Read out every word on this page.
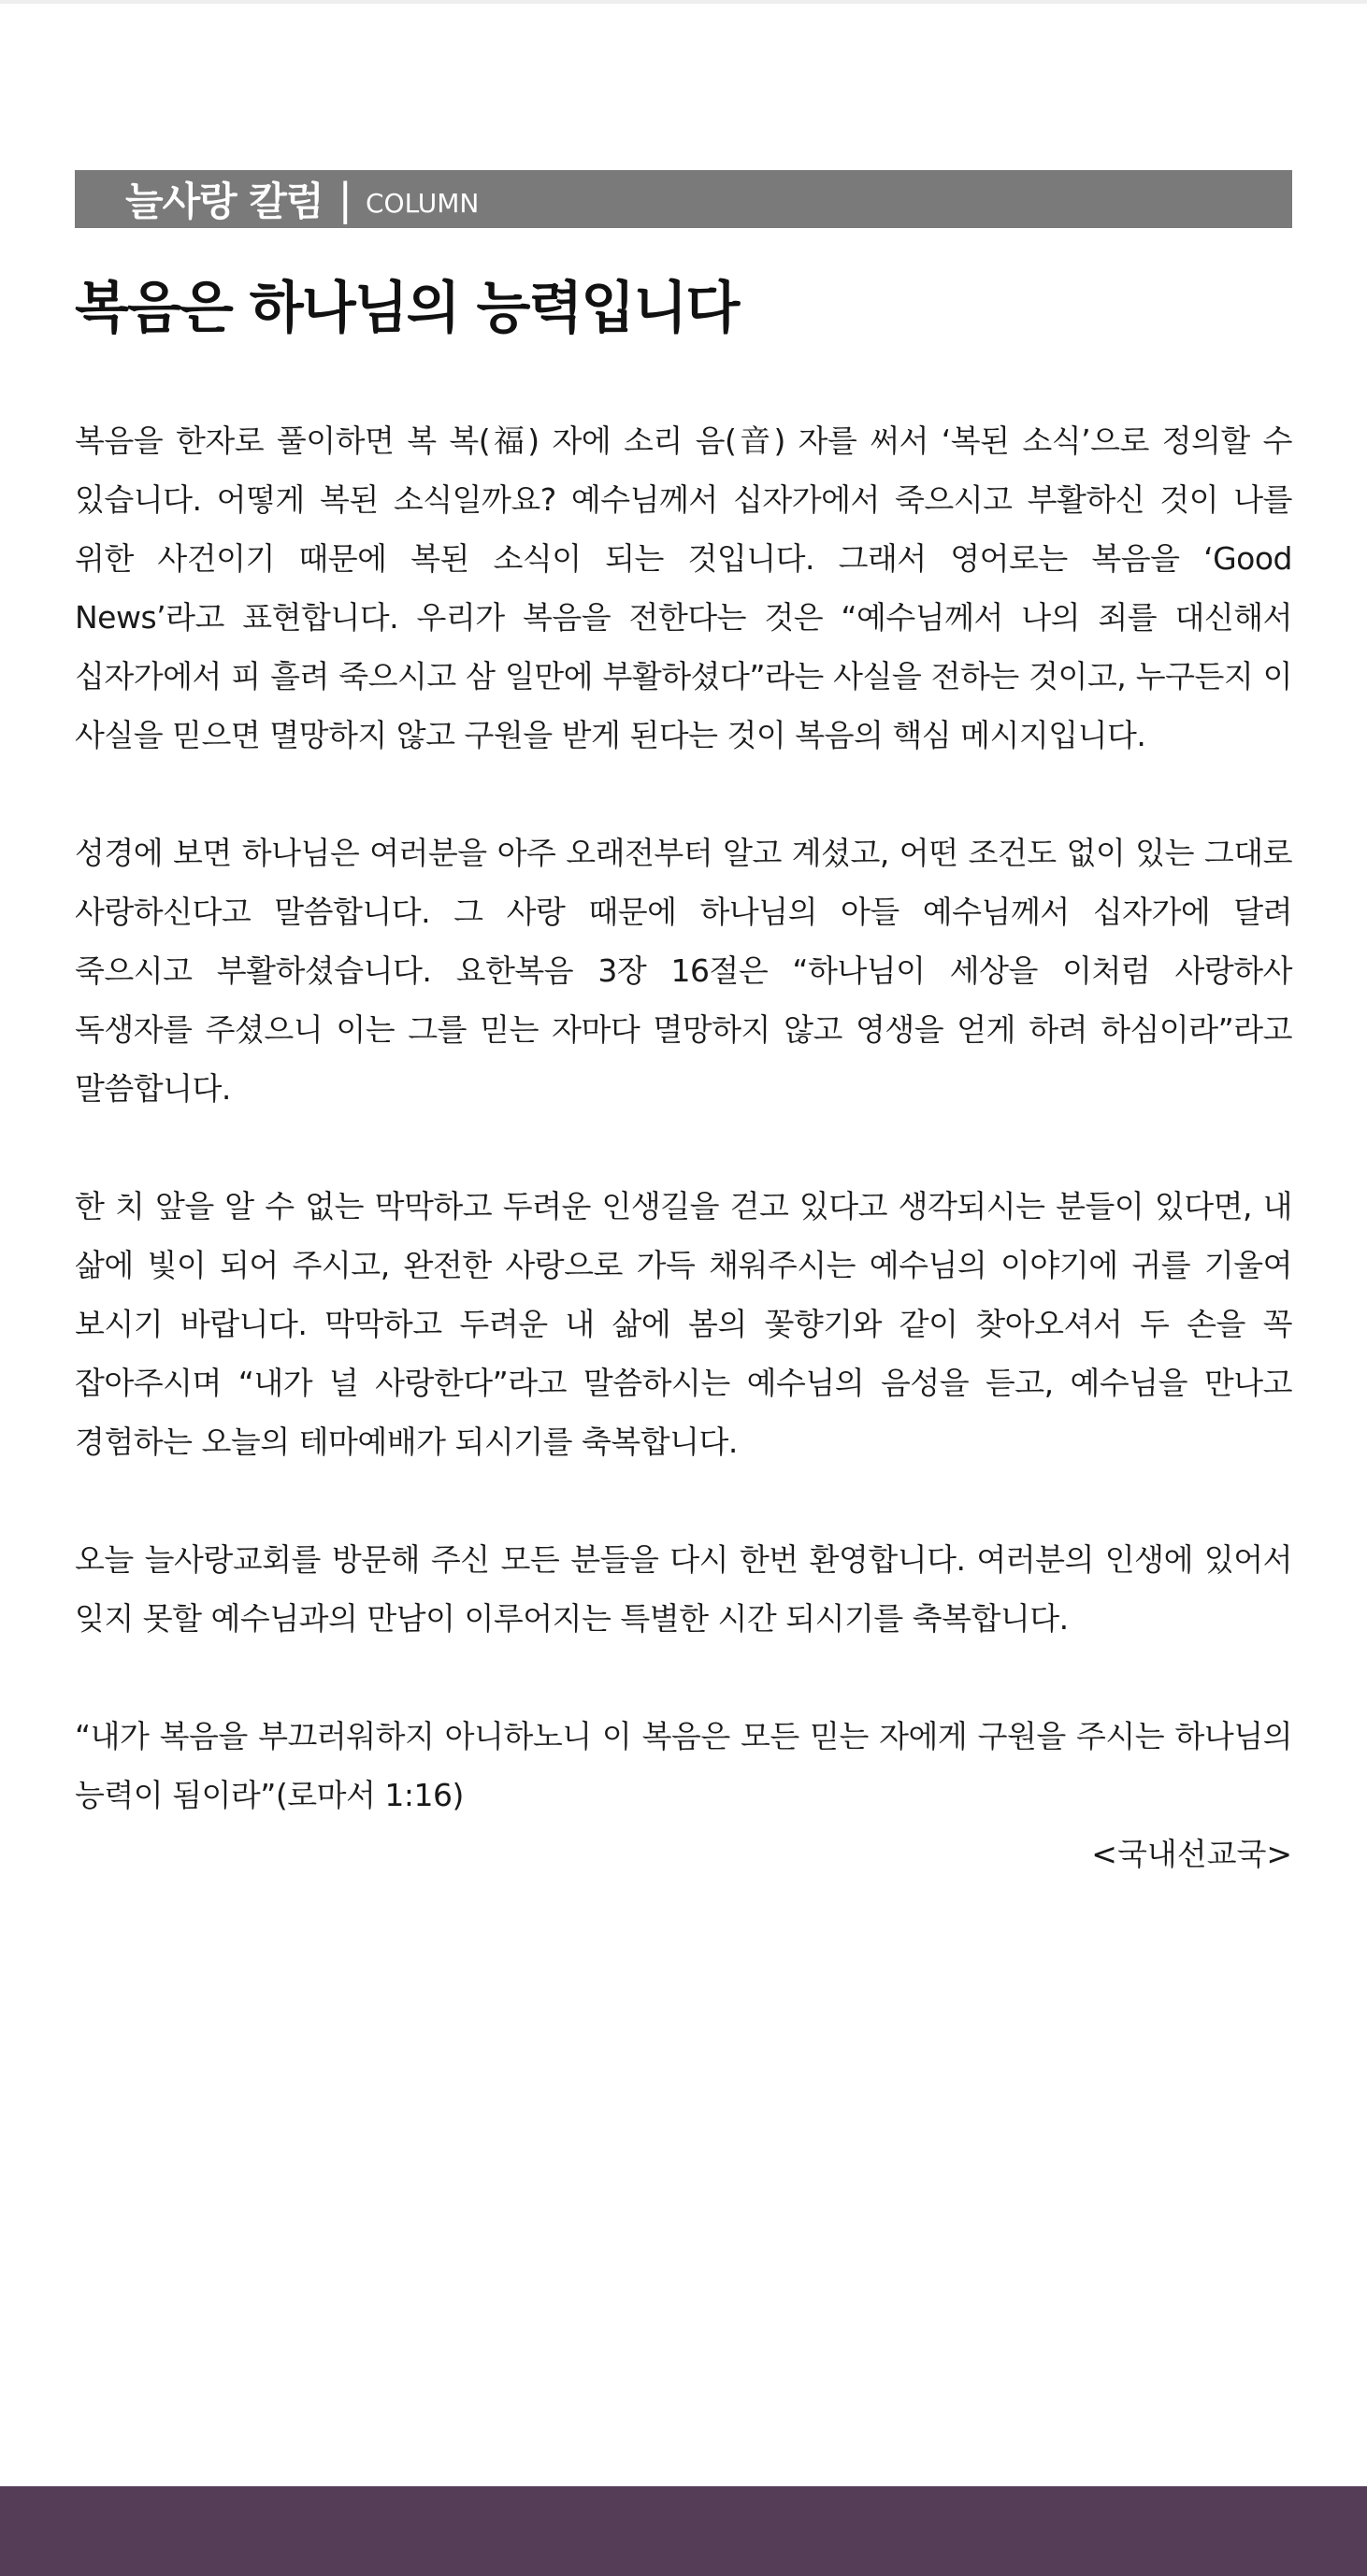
늘사랑 칼럼 | COLUMN
복음은 하나님의 능력입니다

복음을 한자로 풀이하면 복 복(福) 자에 소리 음(音) 자를 써서 ‘복된 소식’으로 정의할 수 있습니다. 어떻게 복된 소식일까요? 예수님께서 십자가에서 죽으시고 부활하신 것이 나를 위한 사건이기 때문에 복된 소식이 되는 것입니다. 그래서 영어로는 복음을 ‘Good News’라고 표현합니다. 우리가 복음을 전한다는 것은 “예수님께서 나의 죄를 대신해서 십자가에서 피 흘려 죽으시고 삼 일만에 부활하셨다”라는 사실을 전하는 것이고, 누구든지 이 사실을 믿으면 멸망하지 않고 구원을 받게 된다는 것이 복음의 핵심 메시지입니다.

성경에 보면 하나님은 여러분을 아주 오래전부터 알고 계셨고, 어떤 조건도 없이 있는 그대로 사랑하신다고 말씀합니다. 그 사랑 때문에 하나님의 아들 예수님께서 십자가에 달려 죽으시고 부활하셨습니다. 요한복음 3장 16절은 “하나님이 세상을 이처럼 사랑하사 독생자를 주셨으니 이는 그를 믿는 자마다 멸망하지 않고 영생을 얻게 하려 하심이라”라고 말씀합니다.

한 치 앞을 알 수 없는 막막하고 두려운 인생길을 걷고 있다고 생각되시는 분들이 있다면, 내 삶에 빛이 되어 주시고, 완전한 사랑으로 가득 채워주시는 예수님의 이야기에 귀를 기울여 보시기 바랍니다. 막막하고 두려운 내 삶에 봄의 꽃향기와 같이 찾아오셔서 두 손을 꼭 잡아주시며 “내가 널 사랑한다”라고 말씀하시는 예수님의 음성을 듣고, 예수님을 만나고 경험하는 오늘의 테마예배가 되시기를 축복합니다.

오늘 늘사랑교회를 방문해 주신 모든 분들을 다시 한번 환영합니다. 여러분의 인생에 있어서 잊지 못할 예수님과의 만남이 이루어지는 특별한 시간 되시기를 축복합니다.

“내가 복음을 부끄러워하지 아니하노니 이 복음은 모든 믿는 자에게 구원을 주시는 하나님의 능력이 됨이라”(로마서 1:16)

<국내선교국>
